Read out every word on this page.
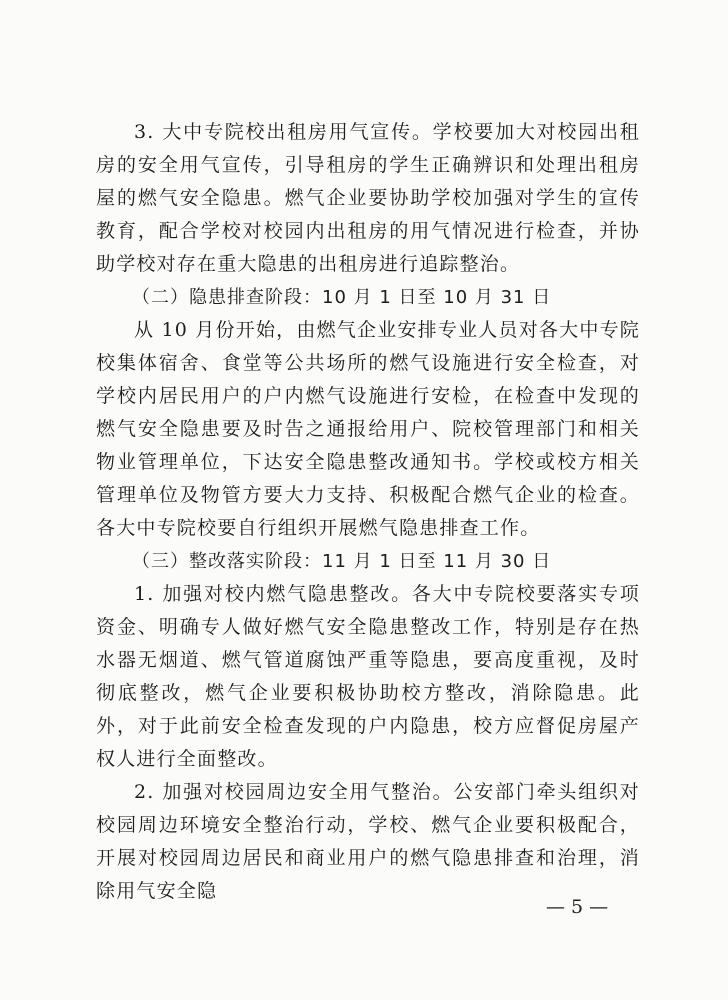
3. 大中专院校出租房用气宣传。学校要加大对校园出租房的安全用气宣传，引导租房的学生正确辨识和处理出租房屋的燃气安全隐患。燃气企业要协助学校加强对学生的宣传教育，配合学校对校园内出租房的用气情况进行检查，并协助学校对存在重大隐患的出租房进行追踪整治。

（二）隐患排查阶段：10 月 1 日至 10 月 31 日

从 10 月份开始，由燃气企业安排专业人员对各大中专院校集体宿舍、食堂等公共场所的燃气设施进行安全检查，对学校内居民用户的户内燃气设施进行安检，在检查中发现的燃气安全隐患要及时告之通报给用户、院校管理部门和相关物业管理单位，下达安全隐患整改通知书。学校或校方相关管理单位及物管方要大力支持、积极配合燃气企业的检查。各大中专院校要自行组织开展燃气隐患排查工作。

（三）整改落实阶段：11 月 1 日至 11 月 30 日

1. 加强对校内燃气隐患整改。各大中专院校要落实专项资金、明确专人做好燃气安全隐患整改工作，特别是存在热水器无烟道、燃气管道腐蚀严重等隐患，要高度重视，及时彻底整改，燃气企业要积极协助校方整改，消除隐患。此外，对于此前安全检查发现的户内隐患，校方应督促房屋产权人进行全面整改。

2. 加强对校园周边安全用气整治。公安部门牵头组织对校园周边环境安全整治行动，学校、燃气企业要积极配合，开展对校园周边居民和商业用户的燃气隐患排查和治理，消除用气安全隐

— 5 —
